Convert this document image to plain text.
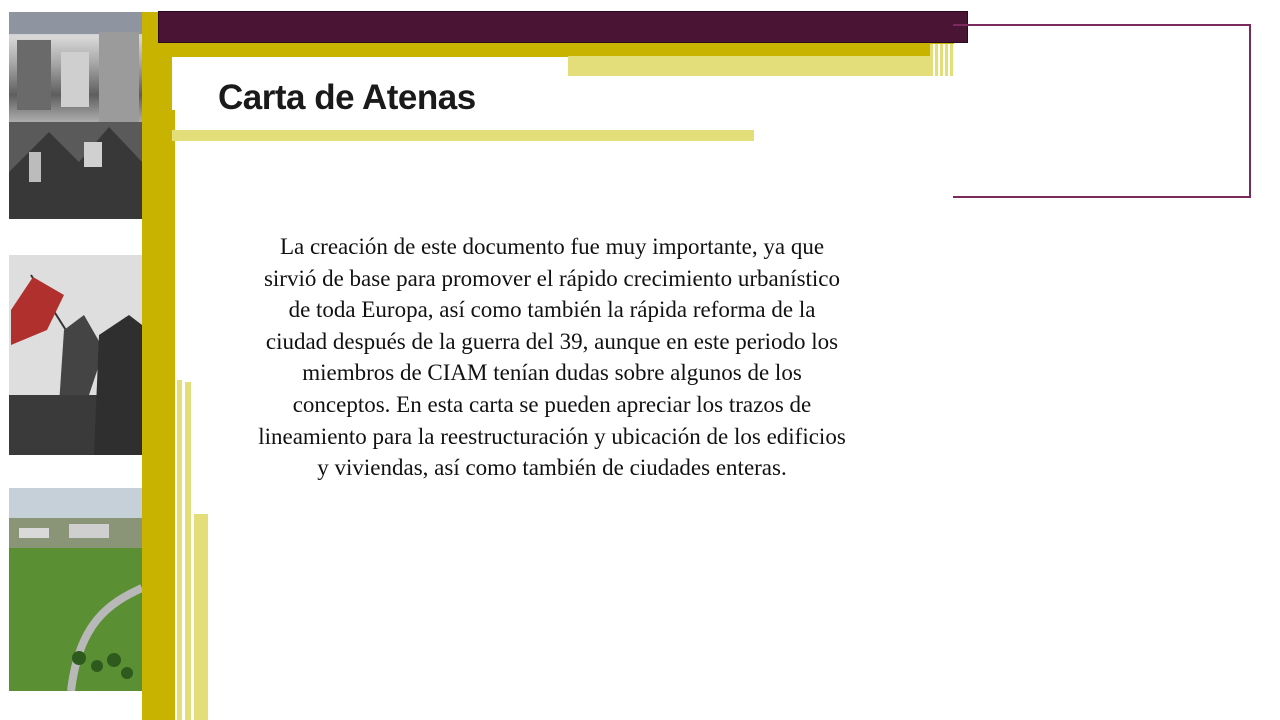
Carta de Atenas
La creación de este documento fue muy importante, ya que sirvió de base para promover el rápido crecimiento urbanístico de toda Europa, así como también la rápida reforma de la ciudad después de la guerra del 39, aunque en este periodo los miembros de CIAM tenían dudas sobre algunos de los conceptos. En esta carta se pueden apreciar los trazos de lineamiento para la reestructuración y ubicación de los edificios y viviendas, así como también de ciudades enteras.
